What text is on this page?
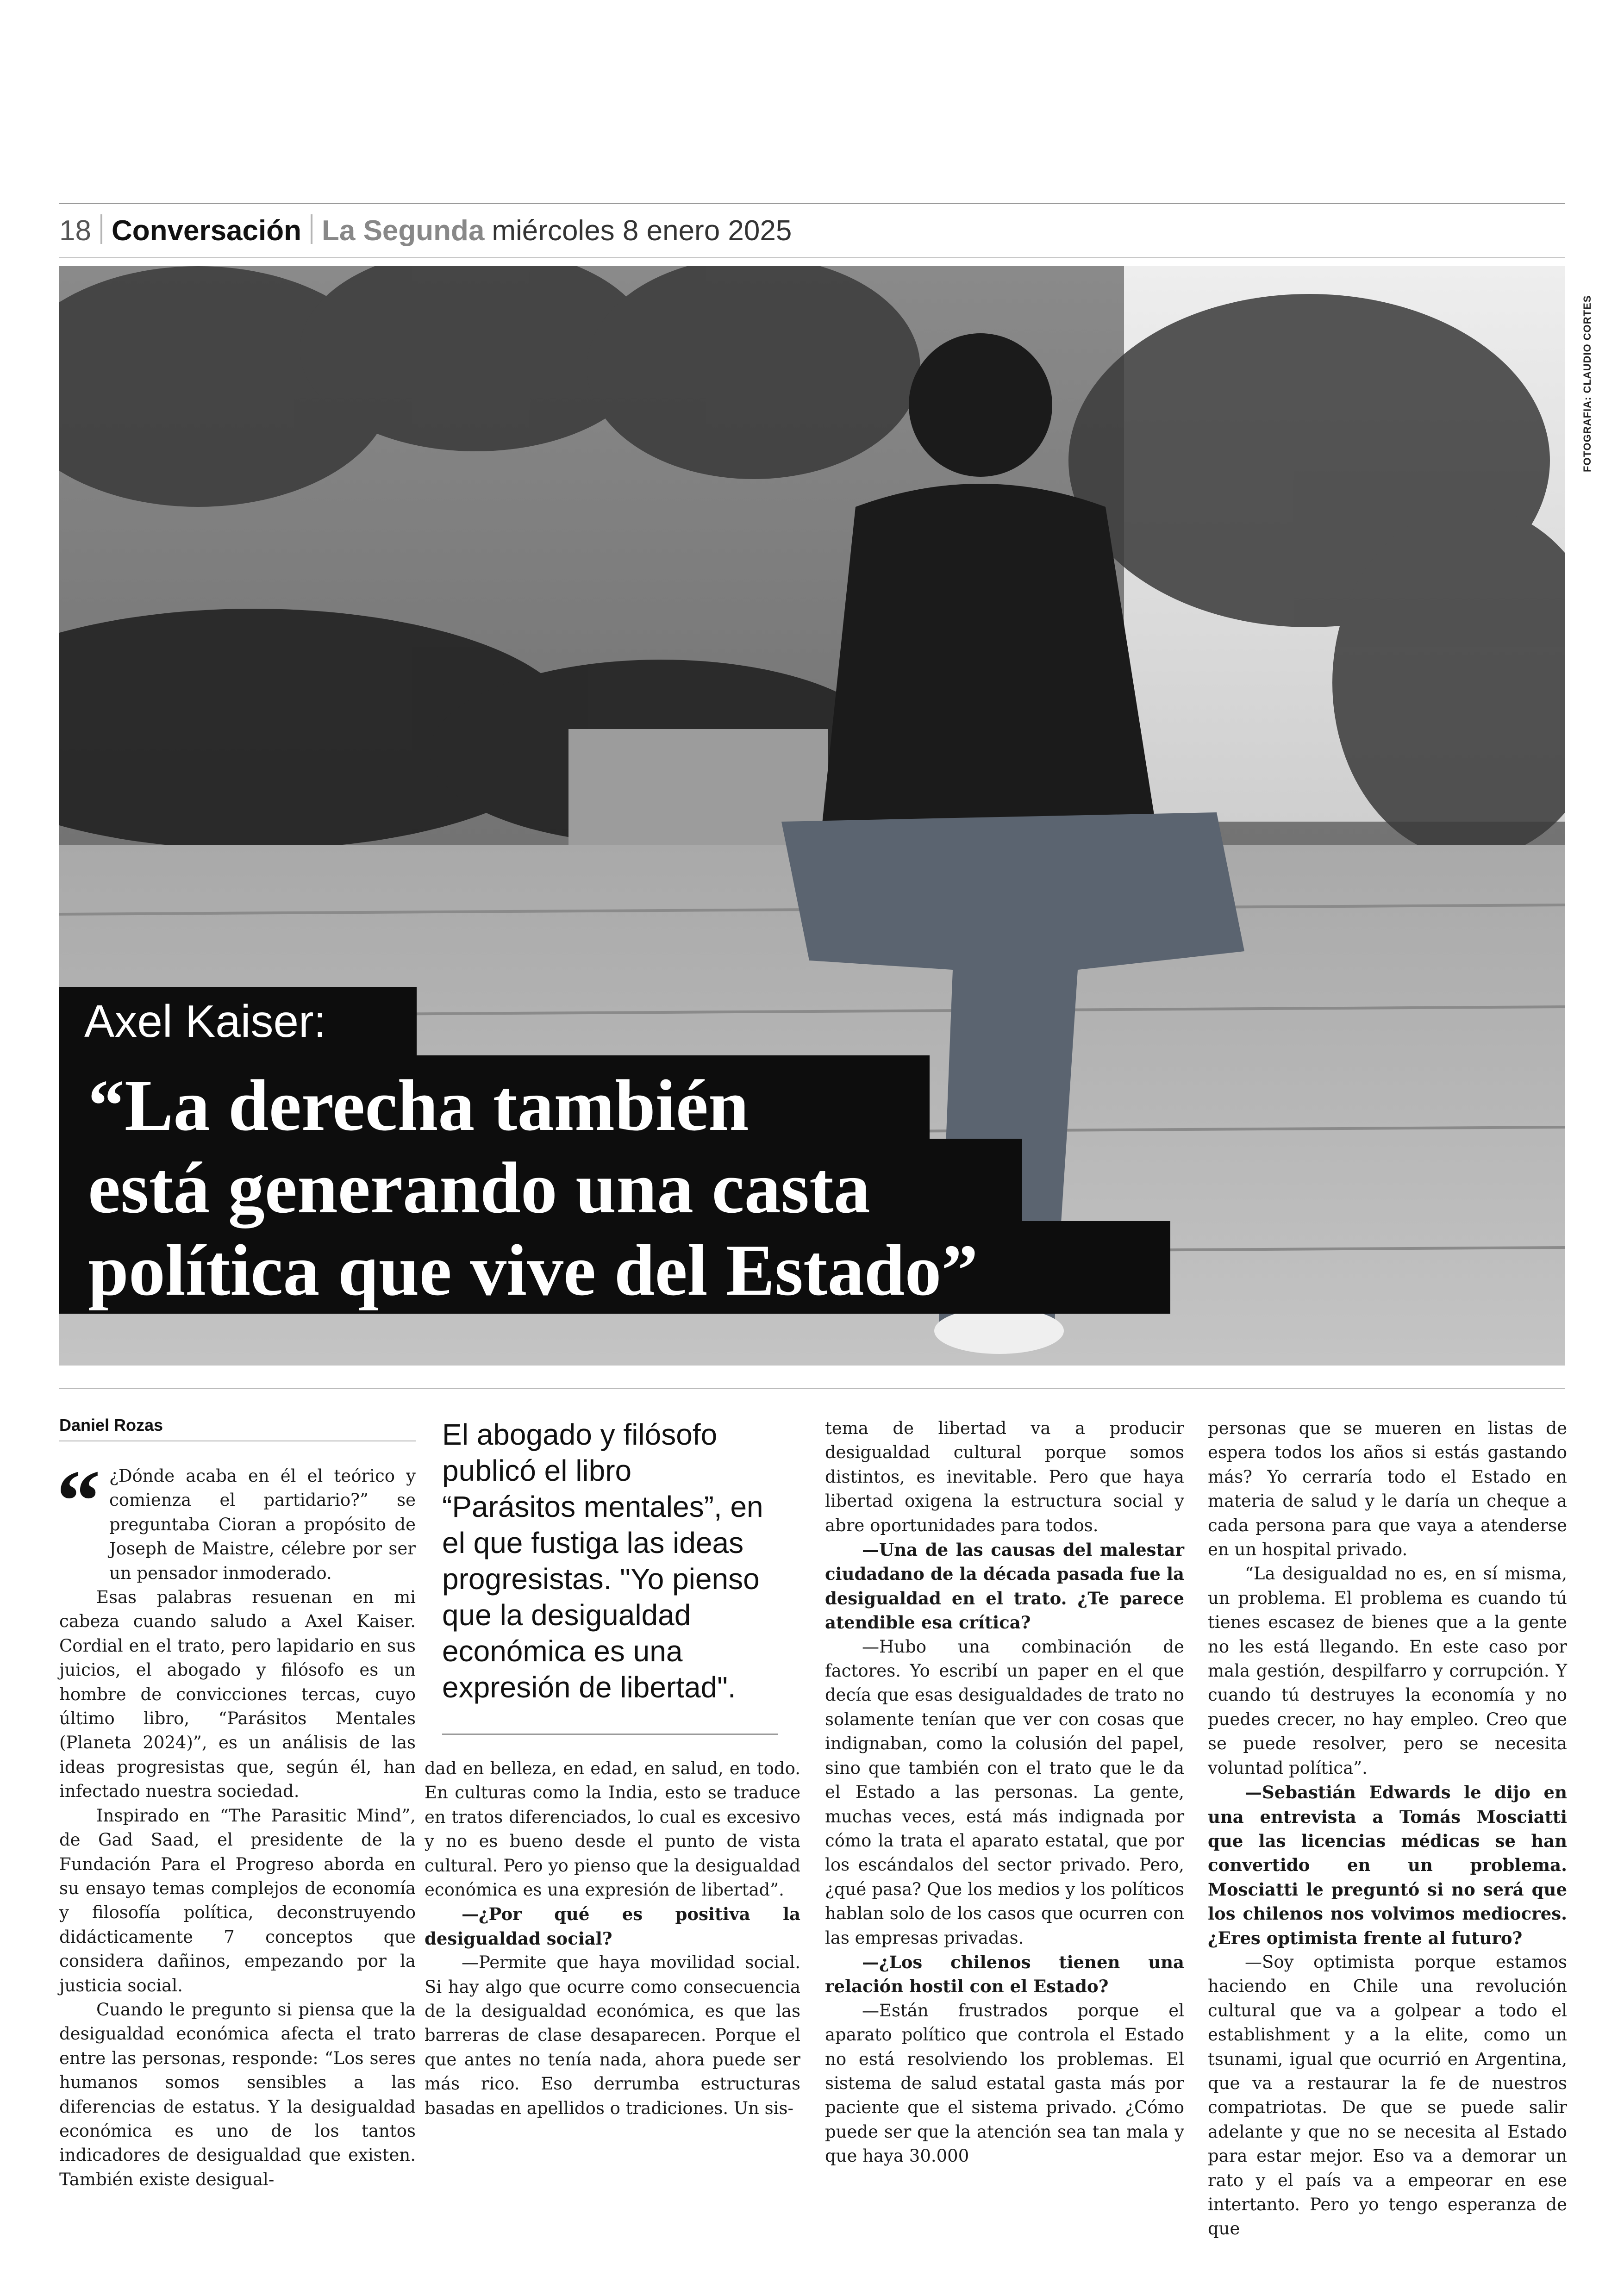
18 Conversación La Segunda miércoles 8 enero 2025
FOTOGRAFIA: CLAUDIO CORTES
Axel Kaiser:
“La derecha también
está generando una casta
política que vive del Estado”
Daniel Rozas
“ ¿Dónde acaba en él el teórico y comienza el partidario?” se preguntaba Cioran a propósito de Joseph de Maistre, célebre por ser un pensador inmoderado.

Esas palabras resuenan en mi cabeza cuando saludo a Axel Kaiser. Cordial en el trato, pero lapidario en sus juicios, el abogado y filósofo es un hombre de convicciones tercas, cuyo último libro, “Parásitos Mentales (Planeta 2024)”, es un análisis de las ideas progresistas que, según él, han infectado nuestra sociedad.

Inspirado en “The Parasitic Mind”, de Gad Saad, el presidente de la Fundación Para el Progreso aborda en su ensayo temas complejos de economía y filosofía política, deconstruyendo didácticamente 7 conceptos que considera dañinos, empezando por la justicia social.

Cuando le pregunto si piensa que la desigualdad económica afecta el trato entre las personas, responde: “Los seres humanos somos sensibles a las diferencias de estatus. Y la desigualdad económica es uno de los tantos indicadores de desigualdad que existen. También existe desigual-

El abogado y filósofo publicó el libro “Parásitos mentales”, en el que fustiga las ideas progresistas. "Yo pienso que la desigualdad económica es una expresión de libertad".

dad en belleza, en edad, en salud, en todo. En culturas como la India, esto se traduce en tratos diferenciados, lo cual es excesivo y no es bueno desde el punto de vista cultural. Pero yo pienso que la desigualdad económica es una expresión de libertad”.

—¿Por qué es positiva la desigualdad social?

—Permite que haya movilidad social. Si hay algo que ocurre como consecuencia de la desigualdad económica, es que las barreras de clase desaparecen. Porque el que antes no tenía nada, ahora puede ser más rico. Eso derrumba estructuras basadas en apellidos o tradiciones. Un sis-

tema de libertad va a producir desigualdad cultural porque somos distintos, es inevitable. Pero que haya libertad oxigena la estructura social y abre oportunidades para todos.

—Una de las causas del malestar ciudadano de la década pasada fue la desigualdad en el trato. ¿Te parece atendible esa crítica?

—Hubo una combinación de factores. Yo escribí un paper en el que decía que esas desigualdades de trato no solamente tenían que ver con cosas que indignaban, como la colusión del papel, sino que también con el trato que le da el Estado a las personas. La gente, muchas veces, está más indignada por cómo la trata el aparato estatal, que por los escándalos del sector privado. Pero, ¿qué pasa? Que los medios y los políticos hablan solo de los casos que ocurren con las empresas privadas.

—¿Los chilenos tienen una relación hostil con el Estado?

—Están frustrados porque el aparato político que controla el Estado no está resolviendo los problemas. El sistema de salud estatal gasta más por paciente que el sistema privado. ¿Cómo puede ser que la atención sea tan mala y que haya 30.000

personas que se mueren en listas de espera todos los años si estás gastando más? Yo cerraría todo el Estado en materia de salud y le daría un cheque a cada persona para que vaya a atenderse en un hospital privado.

“La desigualdad no es, en sí misma, un problema. El problema es cuando tú tienes escasez de bienes que a la gente no les está llegando. En este caso por mala gestión, despilfarro y corrupción. Y cuando tú destruyes la economía y no puedes crecer, no hay empleo. Creo que se puede resolver, pero se necesita voluntad política”.

—Sebastián Edwards le dijo en una entrevista a Tomás Mosciatti que las licencias médicas se han convertido en un problema. Mosciatti le preguntó si no será que los chilenos nos volvimos mediocres. ¿Eres optimista frente al futuro?

—Soy optimista porque estamos haciendo en Chile una revolución cultural que va a golpear a todo el establishment y a la elite, como un tsunami, igual que ocurrió en Argentina, que va a restaurar la fe de nuestros compatriotas. De que se puede salir adelante y que no se necesita al Estado para estar mejor. Eso va a demorar un rato y el país va a empeorar en ese intertanto. Pero yo tengo esperanza de que
